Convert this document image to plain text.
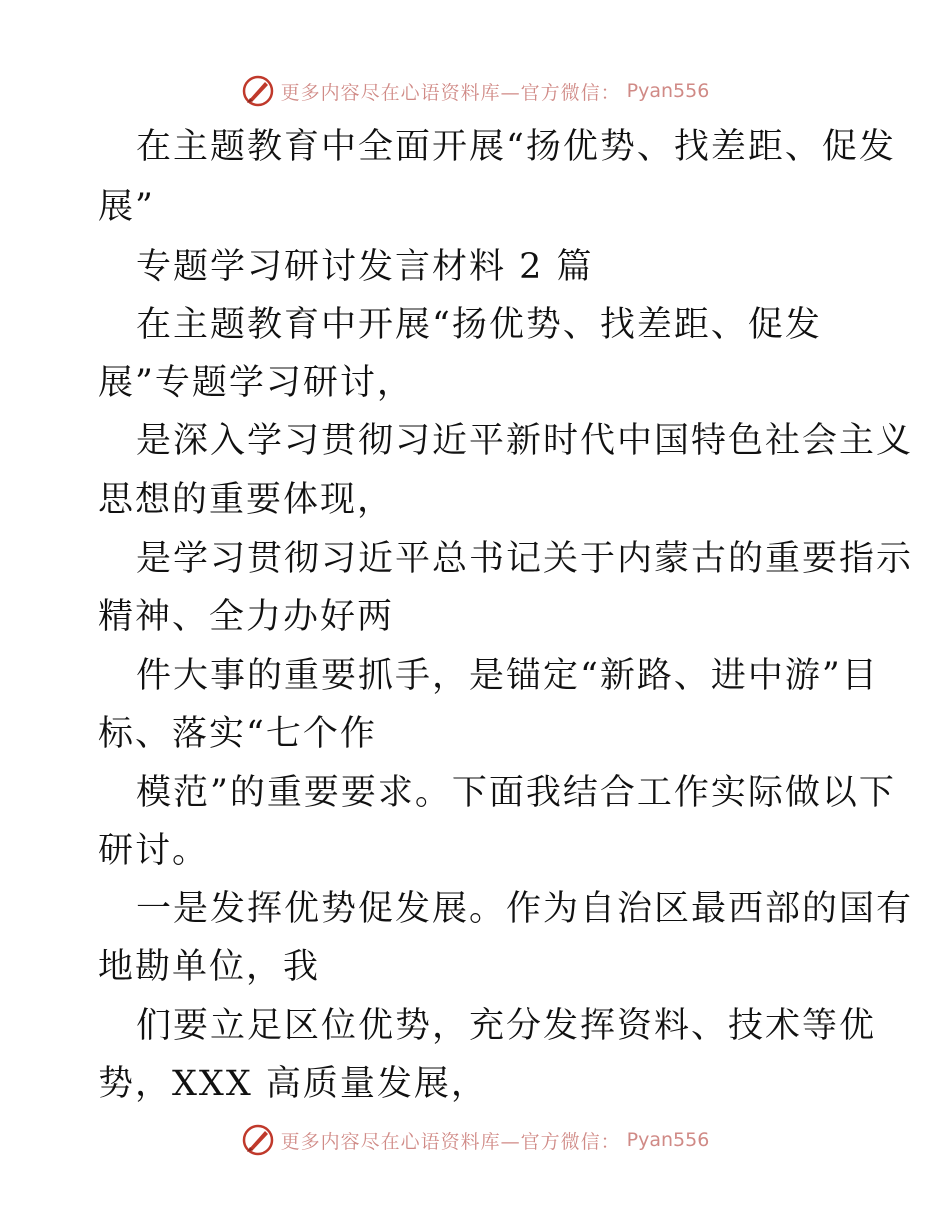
更多内容尽在心语资料库—官方微信： Pyan556
在主题教育中全面开展“扬优势、找差距、促发
展”
专题学习研讨发言材料 2 篇
在主题教育中开展“扬优势、找差距、促发
展”专题学习研讨，
是深入学习贯彻习近平新时代中国特色社会主义
思想的重要体现，
是学习贯彻习近平总书记关于内蒙古的重要指示
精神、全力办好两
件大事的重要抓手，是锚定“新路、进中游”目
标、落实“七个作
模范”的重要要求。下面我结合工作实际做以下
研讨。
一是发挥优势促发展。作为自治区最西部的国有
地勘单位，我
们要立足区位优势，充分发挥资料、技术等优
势，XXX 高质量发展，
更多内容尽在心语资料库—官方微信： Pyan556
